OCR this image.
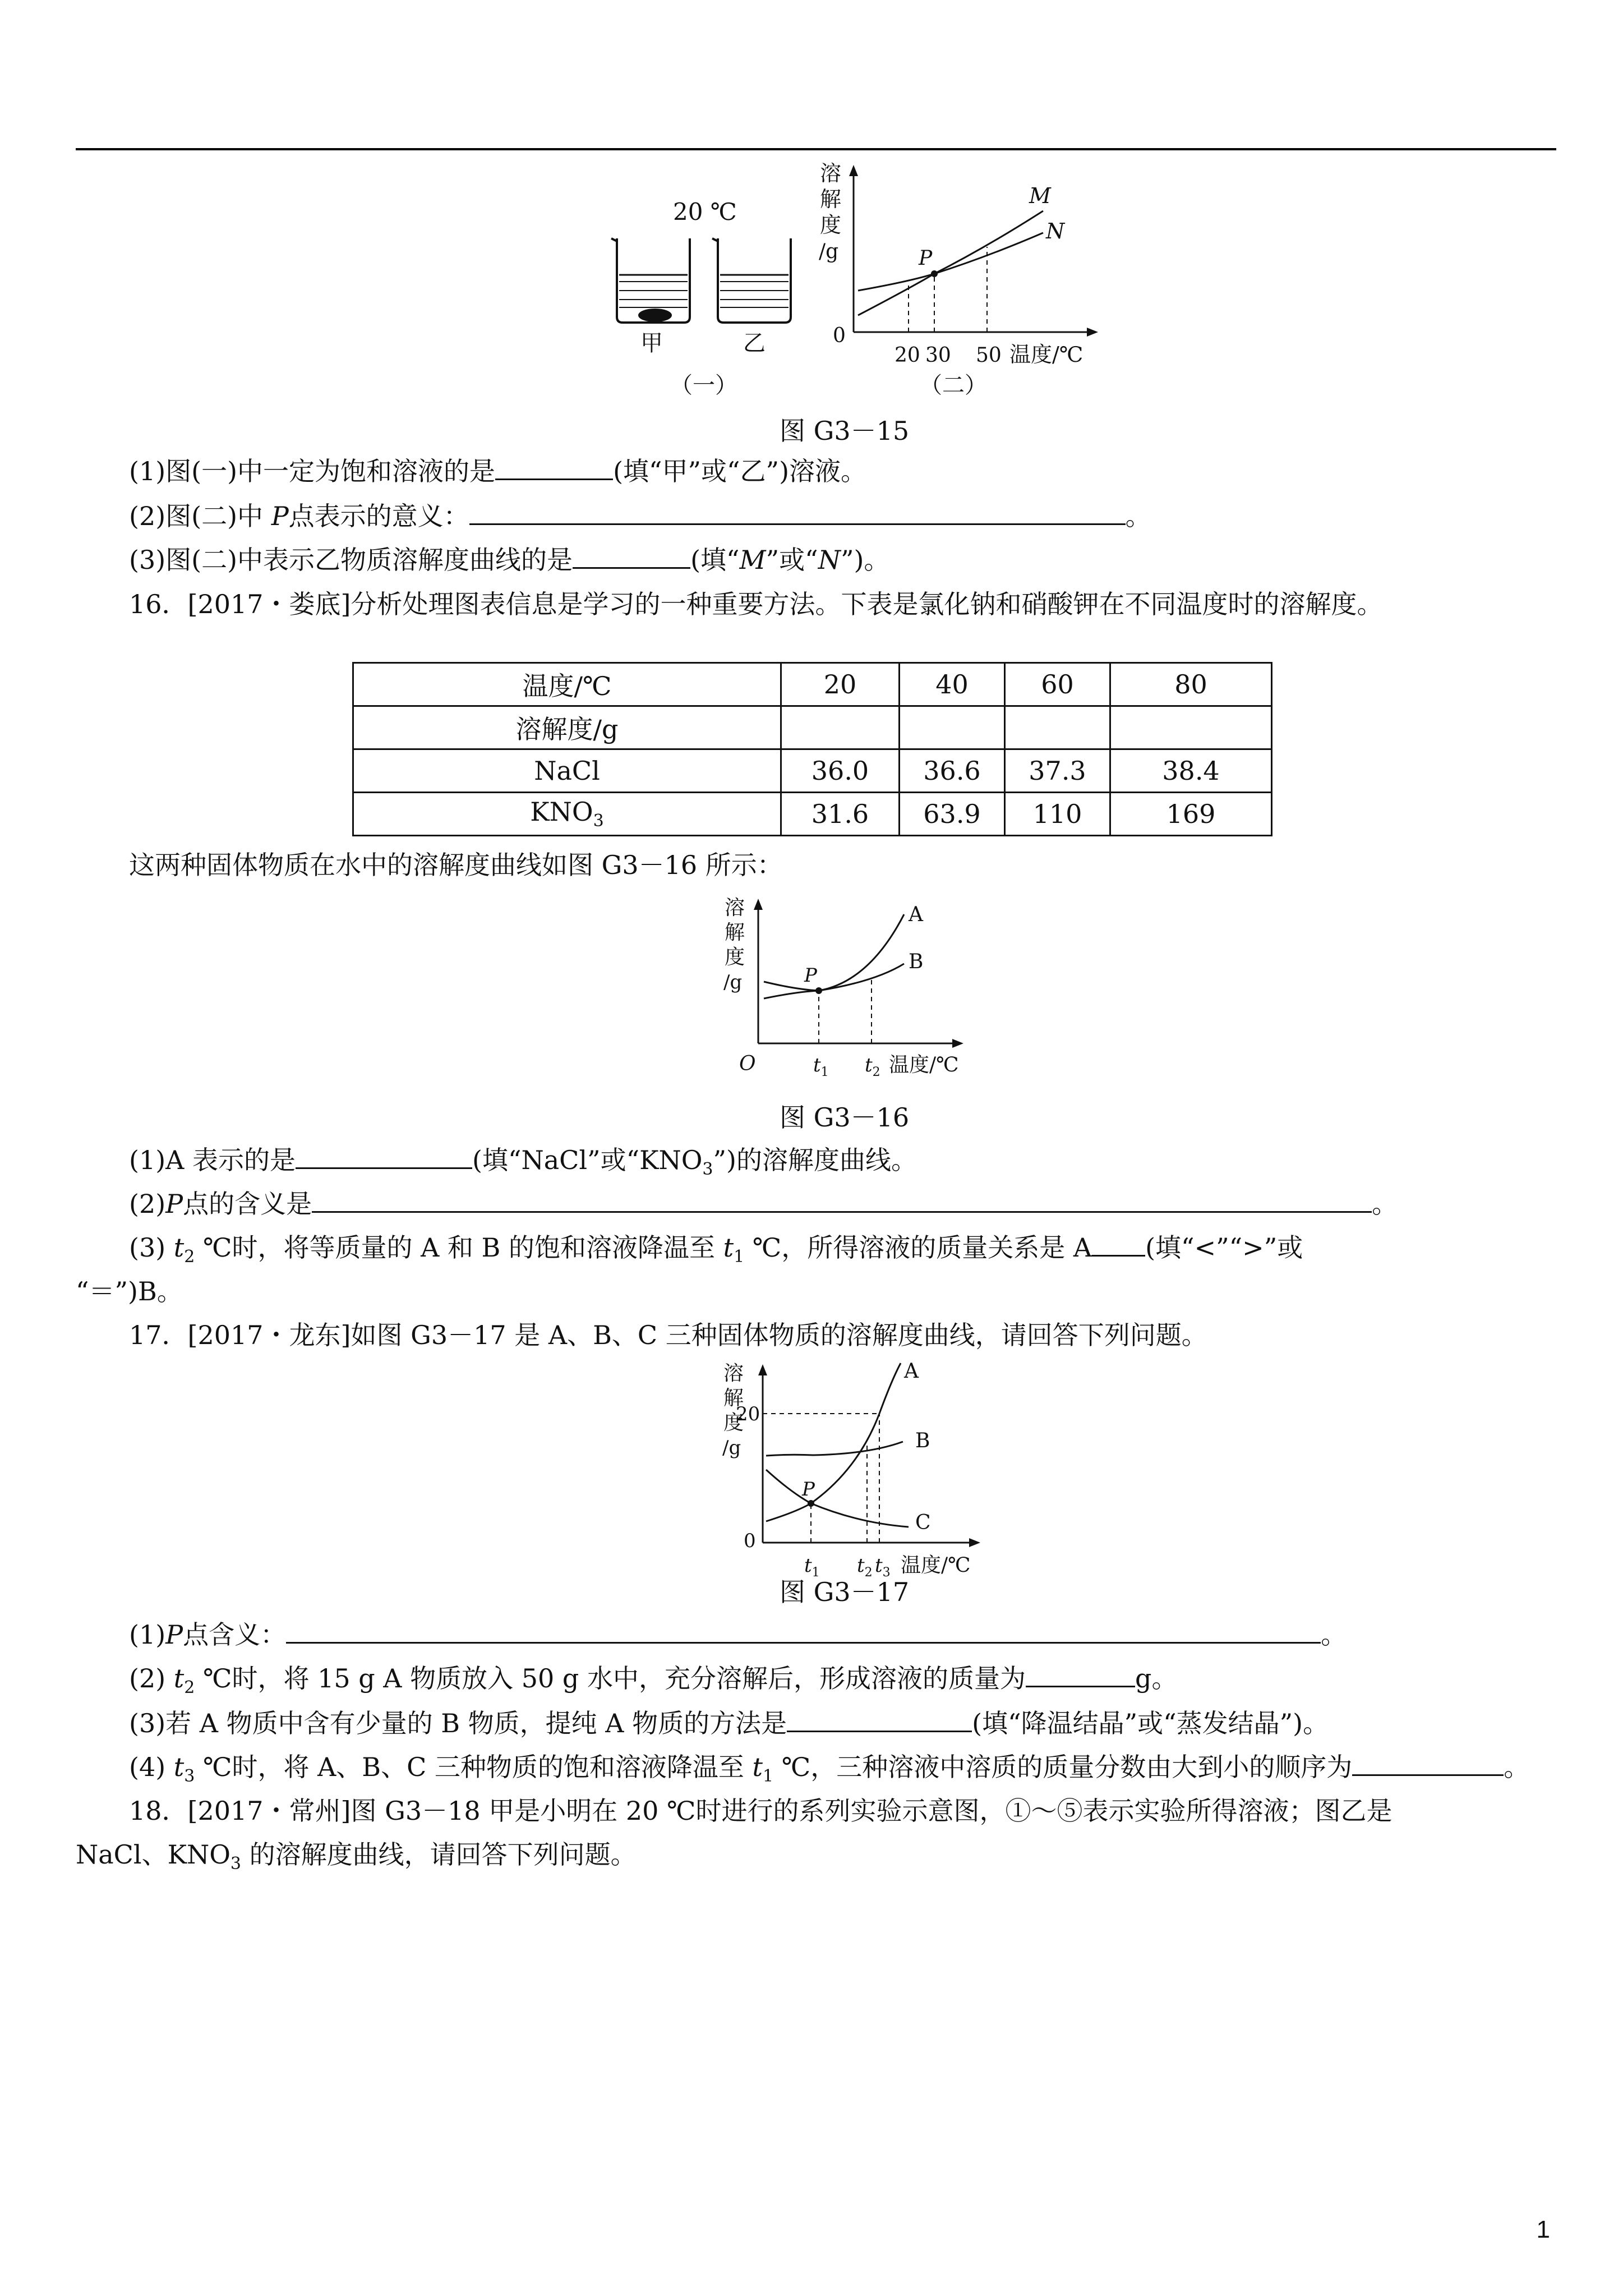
20 ℃
甲	乙
（一）
溶
解
度
/g
0
P
M
N
20 30 50 温度/℃
（二）
图 G3－15
(1)图(一)中一定为饱和溶液的是	(填“甲”或“乙”)溶液。
(2)图(二)中 P点表示的意义：	。
(3)图(二)中表示乙物质溶解度曲线的是	(填“M”或“N”)。
16．[2017・娄底]分析处理图表信息是学习的一种重要方法。下表是氯化钠和硝酸钾在不同温度时的溶解度。
温度/℃	20	40	60	80
溶解度/g				
NaCl	36.0	36.6	37.3	38.4
$KNO_3$	31.6	63.9	110	169
这两种固体物质在水中的溶解度曲线如图 G3－16 所示：
溶
解
度
/g	P
A
B
O	$t_1$ $t_2$ 温度/℃
图 G3－16
(1)A 表示的是	(填“NaCl”或“$KNO_3$”)的溶解度曲线。
(2)P点的含义是	。
(3) $t_2$ ℃时，将等质量的 A 和 B 的饱和溶液降温至 $t_1$ ℃，所得溶液的质量关系是 A (填“<”“>”或
“＝”)B。
17．[2017・龙东]如图 G3－17 是 A、B、C 三种固体物质的溶解度曲线，请回答下列问题。
溶
解
度
/g
20
P
A
B
C
0
$t_1$ $t_2$ $t_3$ 温度/℃
图 G3－17
(1)P点含义：	。
(2) $t_2$ ℃时，将 15 g A 物质放入 50 g 水中，充分溶解后，形成溶液的质量为	g。
(3)若 A 物质中含有少量的 B 物质，提纯 A 物质的方法是	(填“降温结晶”或“蒸发结晶”)。
(4) $t_3$ ℃时，将 A、B、C 三种物质的饱和溶液降温至 $t_1$ ℃，三种溶液中溶质的质量分数由大到小的顺序为	。
18．[2017・常州]图 G3－18 甲是小明在 20 ℃时进行的系列实验示意图，①～⑤表示实验所得溶液；图乙是
NaCl、$KNO_3$ 的溶解度曲线，请回答下列问题。
1
